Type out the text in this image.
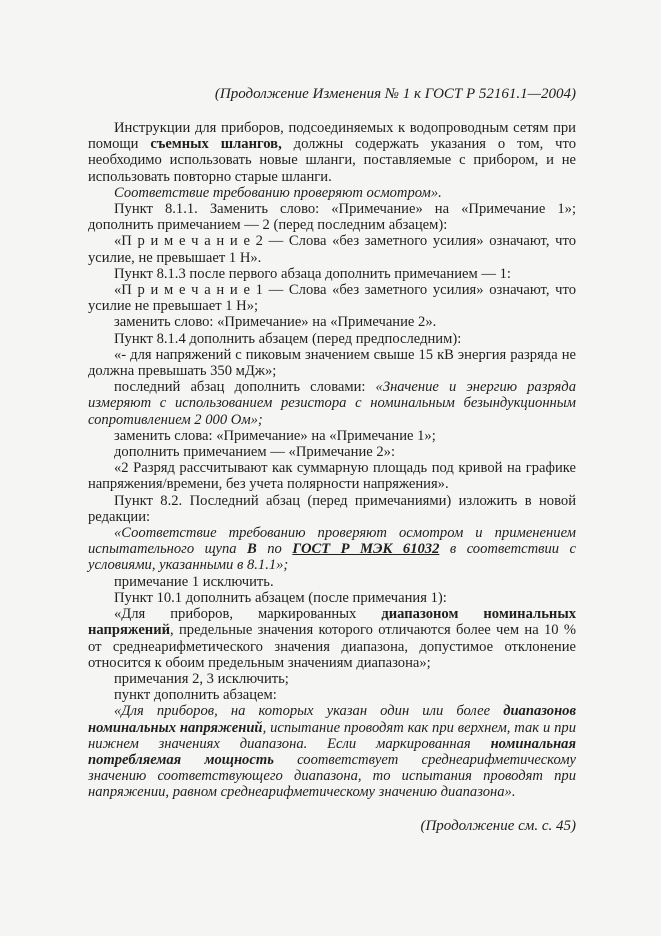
(Продолжение Изменения № 1 к ГОСТ Р 52161.1—2004)

Инструкции для приборов, подсоединяемых к водопроводным сетям при помощи съемных шлангов, должны содержать указания о том, что необходимо использовать новые шланги, поставляемые с прибором, и не использовать повторно старые шланги.

Соответствие требованию проверяют осмотром».

Пункт 8.1.1. Заменить слово: «Примечание» на «Примечание 1»; дополнить примечанием — 2 (перед последним абзацем):

«П р и м е ч а н и е 2 — Слова «без заметного усилия» означают, что усилие, не превышает 1 Н».

Пункт 8.1.3 после первого абзаца дополнить примечанием — 1:

«П р и м е ч а н и е 1 — Слова «без заметного усилия» означают, что усилие не превышает 1 Н»;

заменить слово: «Примечание» на «Примечание 2».

Пункт 8.1.4 дополнить абзацем (перед предпоследним):

«- для напряжений с пиковым значением свыше 15 кВ энергия разряда не должна превышать 350 мДж»;

последний абзац дополнить словами: «Значение и энергию разряда измеряют с использованием резистора с номинальным безындукционным сопротивлением 2 000 Ом»;

заменить слова: «Примечание» на «Примечание 1»;

дополнить примечанием — «Примечание 2»:

«2 Разряд рассчитывают как суммарную площадь под кривой на графике напряжения/времени, без учета полярности напряжения».

Пункт 8.2. Последний абзац (перед примечаниями) изложить в новой редакции:

«Соответствие требованию проверяют осмотром и применением испытательного щупа В по ГОСТ Р МЭК 61032 в соответствии с условиями, указанными в 8.1.1»;

примечание 1 исключить.

Пункт 10.1 дополнить абзацем (после примечания 1):

«Для приборов, маркированных диапазоном номинальных напряжений, предельные значения которого отличаются более чем на 10 % от среднеарифметического значения диапазона, допустимое отклонение относится к обоим предельным значениям диапазона»;

примечания 2, 3 исключить;

пункт дополнить абзацем:

«Для приборов, на которых указан один или более диапазонов номинальных напряжений, испытание проводят как при верхнем, так и при нижнем значениях диапазона. Если маркированная номинальная потребляемая мощность соответствует среднеарифметическому значению соответствующего диапазона, то испытания проводят при напряжении, равном среднеарифметическому значению диапазона».

(Продолжение см. с. 45)
